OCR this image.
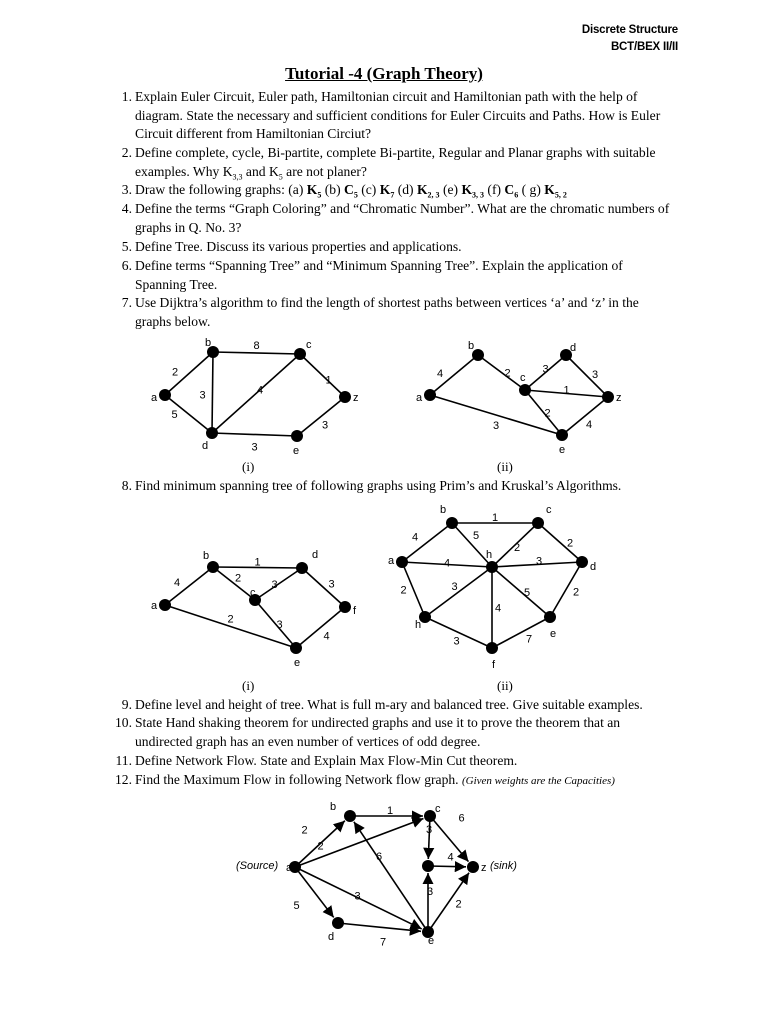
Discrete Structure
BCT/BEX II/II
Tutorial -4 (Graph Theory)
1. Explain Euler Circuit, Euler path, Hamiltonian circuit and Hamiltonian path with the help of diagram. State the necessary and sufficient conditions for Euler Circuits and Paths. How is Euler Circuit different from Hamiltonian Circiut?
2. Define complete, cycle, Bi-partite, complete Bi-partite, Regular and Planar graphs with suitable examples. Why $K_{3,3}$ and $K_5$ are not planer?
3. Draw the following graphs: (a) $K_5$ (b) $C_5$ (c) $K_7$ (d) $K_{2, 3}$ (e) $K_{3, 3}$ (f) $C_6$ ( g) $K_{5, 2}$
4. Define the terms “Graph Coloring” and “Chromatic Number”. What are the chromatic numbers of graphs in Q. No. 3?
5. Define Tree. Discuss its various properties and applications.
6. Define terms “Spanning Tree” and “Minimum Spanning Tree”. Explain the application of Spanning Tree.
7. Use Dijktra’s algorithm to find the length of shortest paths between vertices ‘a’ and ‘z’ in the graphs below.
(i)	(ii)
8. Find minimum spanning tree of following graphs using Prim’s and Kruskal’s Algorithms.
(i)	(ii)
9. Define level and height of tree. What is full m-ary and balanced tree. Give suitable examples.
10. State Hand shaking theorem for undirected graphs and use it to prove the theorem that an undirected graph has an even number of vertices of odd degree.
11. Define Network Flow. State and Explain Max Flow-Min Cut theorem.
12. Find the Maximum Flow in following Network flow graph. (Given weights are the Capacities)
2
8
1
5
3	4
3
3
a
b	c
z
d	e
4	2	3	3
1
2
3	4
a
b	d
c
z
e
4
1
2
3	3
3
2
4
a
b	d
c
f
e
4
1
2
5
2
4	3
2	3	5	2
4
3	7
a
b	c
d
h
h
e
f
1
2
2
3
6
4
6
3
5
7
3
2
a
b	c
z
d	e
(Source)	(sink)
